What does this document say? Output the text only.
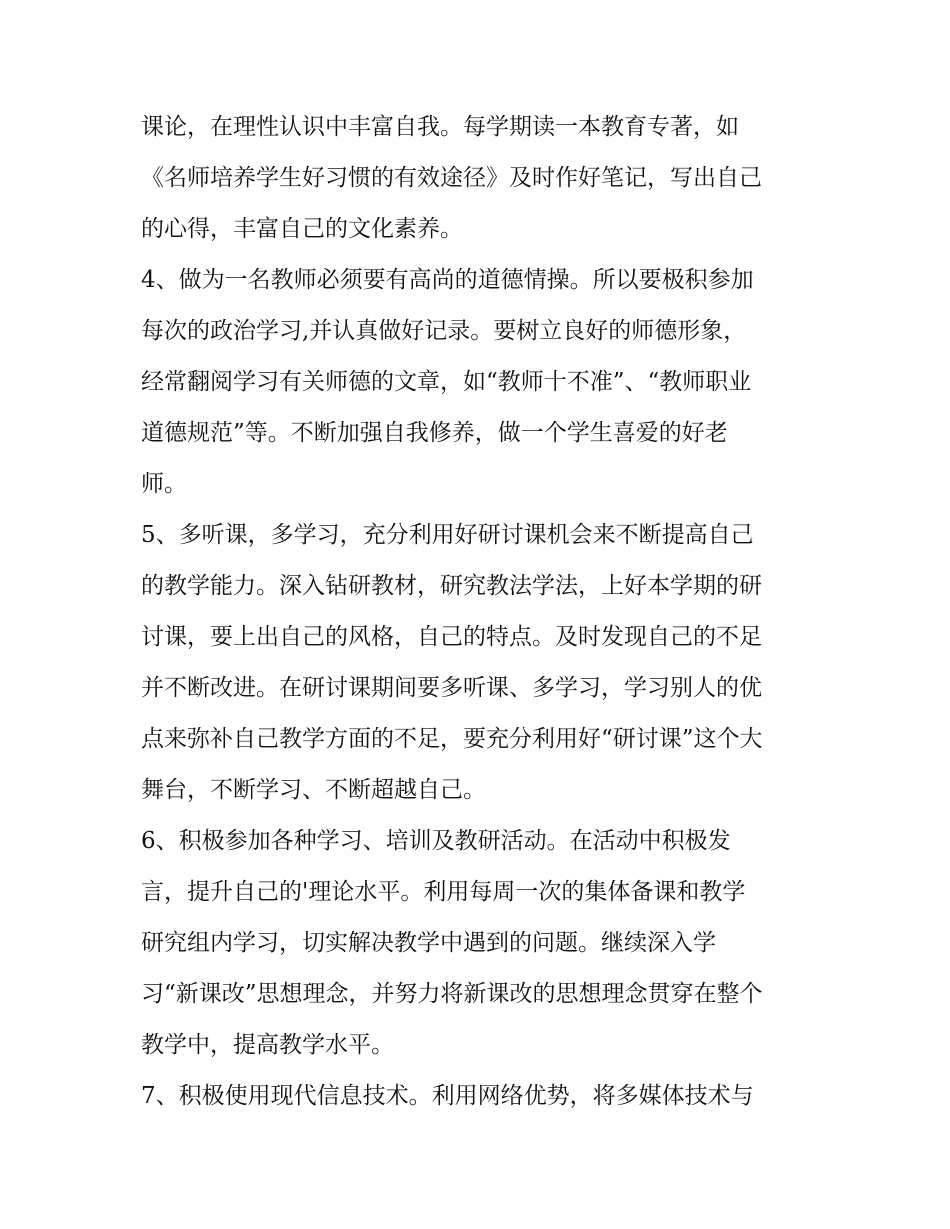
课论，在理性认识中丰富自我。每学期读一本教育专著，如
《名师培养学生好习惯的有效途径》及时作好笔记，写出自己
的心得，丰富自己的文化素养。
4、做为一名教师必须要有高尚的道德情操。所以要极积参加
每次的政治学习,并认真做好记录。要树立良好的师德形象，
经常翻阅学习有关师德的文章，如“教师十不准”、“教师职业
道德规范”等。不断加强自我修养，做一个学生喜爱的好老
师。
5、多听课，多学习，充分利用好研讨课机会来不断提高自己
的教学能力。深入钻研教材，研究教法学法，上好本学期的研
讨课，要上出自己的风格，自己的特点。及时发现自己的不足
并不断改进。在研讨课期间要多听课、多学习，学习别人的优
点来弥补自己教学方面的不足，要充分利用好“研讨课”这个大
舞台，不断学习、不断超越自己。
6、积极参加各种学习、培训及教研活动。在活动中积极发
言，提升自己的'理论水平。利用每周一次的集体备课和教学
研究组内学习，切实解决教学中遇到的问题。继续深入学
习“新课改”思想理念，并努力将新课改的思想理念贯穿在整个
教学中，提高教学水平。
7、积极使用现代信息技术。利用网络优势，将多媒体技术与
